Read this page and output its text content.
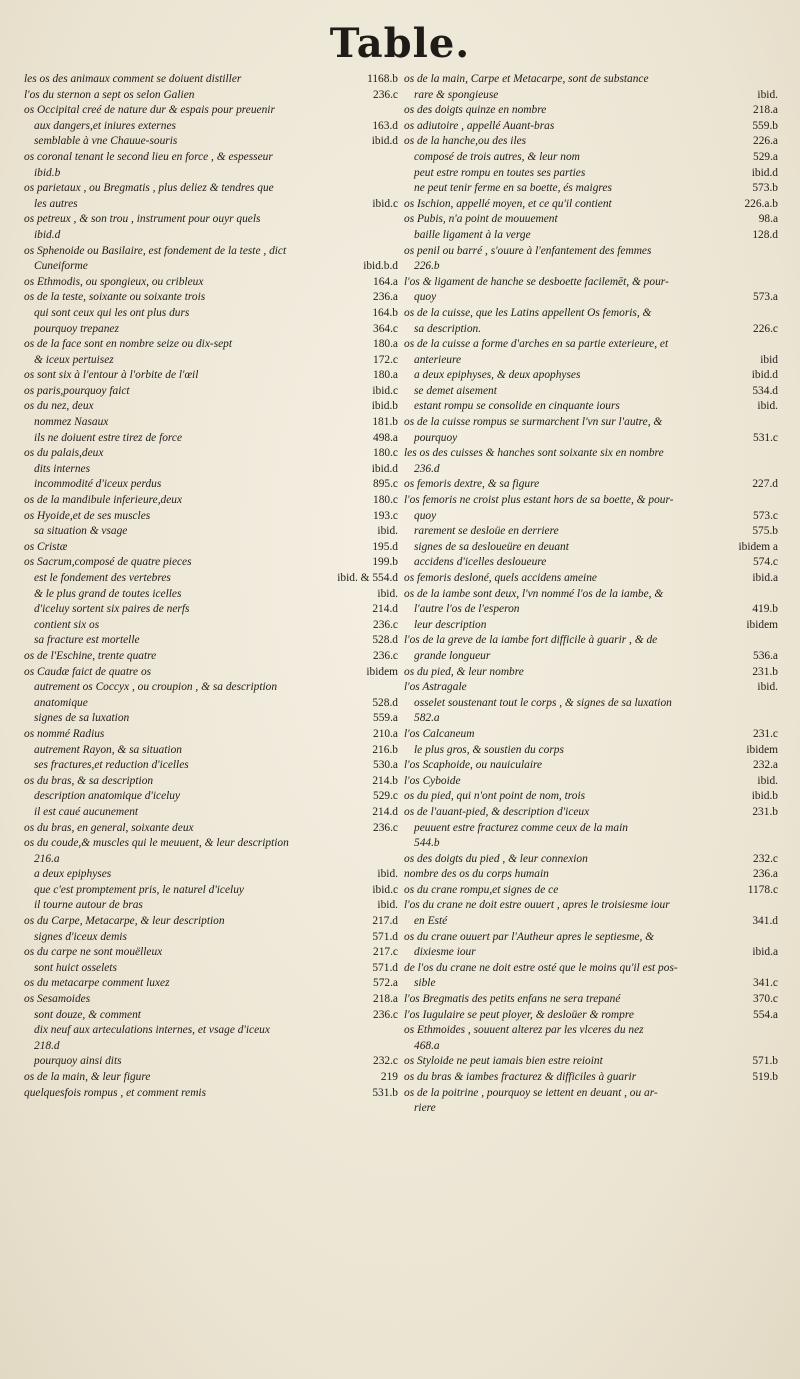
Table.
les os des animaux comment se doiuent distiller	1168.b
l'os du sternon a sept os selon Galien	236.c
os Occipital creé de nature dur & espais pour preuenir
aux dangers,et iniures externes	163.d
semblable à vne Chauue-souris	ibid.d
os coronal tenant le second lieu en force , & espesseur
ibid.b
os parietaux , ou Bregmatis , plus deliez & tendres que
les autres	ibid.c
os petreux , & son trou , instrument pour ouyr quels
ibid.d
os Sphenoide ou Basilaire, est fondement de la teste , dict
Cuneiforme	ibid.b.d
os Ethmodis, ou spongieux, ou cribleux	164.a
os de la teste, soixante ou soixante trois	236.a
qui sont ceux qui les ont plus durs	164.b
pourquoy trepanez	364.c
os de la face sont en nombre seize ou dix-sept	180.a
& iceux pertuisez	172.c
os sont six à l'entour à l'orbite de l'œil	180.a
os paris,pourquoy faict	ibid.c
os du nez, deux	ibid.b
nommez Nasaux	181.b
ils ne doiuent estre tirez de force	498.a
os du palais,deux	180.c
dits internes	ibid.d
incommodité d'iceux perdus	895.c
os de la mandibule inferieure,deux	180.c
os Hyoide,et de ses muscles	193.c
sa situation & vsage	ibid.
os Cristæ	195.d
os Sacrum,composé de quatre pieces	199.b
est le fondement des vertebres	ibid. & 554.d
& le plus grand de toutes icelles	ibid.
d'iceluy sortent six paires de nerfs	214.d
contient six os	236.c
sa fracture est mortelle	528.d
os de l'Eschine, trente quatre	236.c
os Caudæ faict de quatre os	ibidem
autrement os Coccyx , ou croupion , & sa description
anatomique	528.d
signes de sa luxation	559.a
os nommé Radius	210.a
autrement Rayon, & sa situation	216.b
ses fractures,et reduction d'icelles	530.a
os du bras, & sa description	214.b
description anatomique d'iceluy	529.c
il est caué aucunement	214.d
os du bras, en general, soixante deux	236.c
os du coude,& muscles qui le meuuent, & leur description
216.a
a deux epiphyses	ibid.
que c'est promptement pris, le naturel d'iceluy	ibid.c
il tourne autour de bras	ibid.
os du Carpe, Metacarpe, & leur description	217.d
signes d'iceux demis	571.d
os du carpe ne sont mouëlleux	217.c
sont huict osselets	571.d
os du metacarpe comment luxez	572.a
os Sesamoides	218.a
sont douze, & comment	236.c
dix neuf aux arteculations internes, et vsage d'iceux
218.d
pourquoy ainsi dits	232.c
os de la main, & leur figure	219
quelquesfois rompus , et comment remis	531.b
os de la main, Carpe et Metacarpe, sont de substance
rare & spongieuse	ibid.
os des doigts quinze en nombre	218.a
os adiutoire , appellé Auant-bras	559.b
os de la hanche,ou des iles	226.a
composé de trois autres, & leur nom	529.a
peut estre rompu en toutes ses parties	ibid.d
ne peut tenir ferme en sa boette, és maigres	573.b
os Ischion, appellé moyen, et ce qu'il contient	226.a.b
os Pubis, n'a point de mouuement	98.a
baille ligament à la verge	128.d
os penil ou barré , s'ouure à l'enfantement des femmes
226.b
l'os & ligament de hanche se desboette facilemēt, & pour-
quoy	573.a
os de la cuisse, que les Latins appellent Os femoris, &
sa description.	226.c
os de la cuisse a forme d'arches en sa partie exterieure, et
anterieure	ibid
a deux epiphyses, & deux apophyses	ibid.d
se demet aisement	534.d
estant rompu se consolide en cinquante iours	ibid.
os de la cuisse rompus se surmarchent l'vn sur l'autre, &
pourquoy	531.c
les os des cuisses & hanches sont soixante six en nombre
236.d
os femoris dextre, & sa figure	227.d
l'os femoris ne croist plus estant hors de sa boette, & pour-
quoy	573.c
rarement se desloüe en derriere	575.b
signes de sa desloueüre en deuant	ibidem a
accidens d'icelles desloueure	574.c
os femoris desloné, quels accidens ameine	ibid.a
os de la iambe sont deux, l'vn nommé l'os de la iambe, &
l'autre l'os de l'esperon	419.b
leur description	ibidem
l'os de la greve de la iambe fort difficile à guarir , & de
grande longueur	536.a
os du pied, & leur nombre	231.b
l'os Astragale	ibid.
osselet soustenant tout le corps , & signes de sa luxation
582.a
l'os Calcaneum	231.c
le plus gros, & soustien du corps	ibidem
l'os Scaphoide, ou nauiculaire	232.a
l'os Cyboide	ibid.
os du pied, qui n'ont point de nom, trois	ibid.b
os de l'auant-pied, & description d'iceux	231.b
peuuent estre fracturez comme ceux de la main
544.b
os des doigts du pied , & leur connexion	232.c
nombre des os du corps humain	236.a
os du crane rompu,et signes de ce	1178.c
l'os du crane ne doit estre ouuert , apres le troisiesme iour
en Esté	341.d
os du crane ouuert par l'Autheur apres le septiesme, &
dixiesme iour	ibid.a
de l'os du crane ne doit estre osté que le moins qu'il est pos-
sible	341.c
l'os Bregmatis des petits enfans ne sera trepané	370.c
l'os Iugulaire se peut ployer, & desloüer & rompre	554.a
os Ethmoides , souuent alterez par les vlceres du nez
468.a
os Styloide ne peut iamais bien estre reioint	571.b
os du bras & iambes fracturez & difficiles à guarir	519.b
os de la poitrine , pourquoy se iettent en deuant , ou ar-
riere
